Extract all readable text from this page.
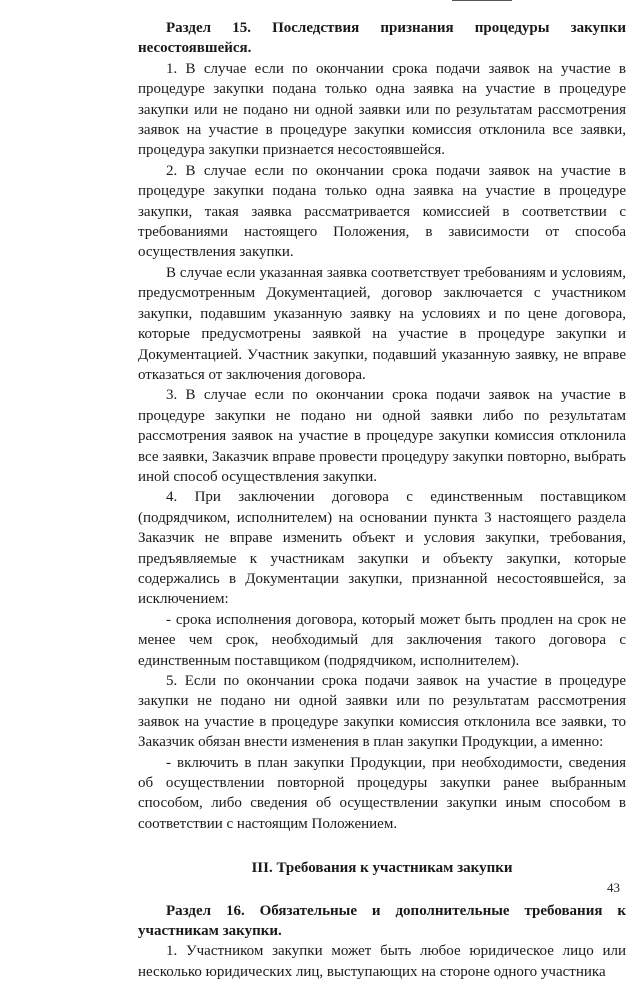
Раздел 15. Последствия признания процедуры закупки несостоявшейся.

1. В случае если по окончании срока подачи заявок на участие в процедуре закупки подана только одна заявка на участие в процедуре закупки или не подано ни одной заявки или по результатам рассмотрения заявок на участие в процедуре закупки комиссия отклонила все заявки, процедура закупки признается несостоявшейся.

2. В случае если по окончании срока подачи заявок на участие в процедуре закупки подана только одна заявка на участие в процедуре закупки, такая заявка рассматривается комиссией в соответствии с требованиями настоящего Положения, в зависимости от способа осуществления закупки.

В случае если указанная заявка соответствует требованиям и условиям, предусмотренным Документацией, договор заключается с участником закупки, подавшим указанную заявку на условиях и по цене договора, которые предусмотрены заявкой на участие в процедуре закупки и Документацией. Участник закупки, подавший указанную заявку, не вправе отказаться от заключения договора.

3. В случае если по окончании срока подачи заявок на участие в процедуре закупки не подано ни одной заявки либо по результатам рассмотрения заявок на участие в процедуре закупки комиссия отклонила все заявки, Заказчик вправе провести процедуру закупки повторно, выбрать иной способ осуществления закупки.

4. При заключении договора с единственным поставщиком (подрядчиком, исполнителем) на основании пункта 3 настоящего раздела Заказчик не вправе изменить объект и условия закупки, требования, предъявляемые к участникам закупки и объекту закупки, которые содержались в Документации закупки, признанной несостоявшейся, за исключением:

- срока исполнения договора, который может быть продлен на срок не менее чем срок, необходимый для заключения такого договора с единственным поставщиком (подрядчиком, исполнителем).

5. Если по окончании срока подачи заявок на участие в процедуре закупки не подано ни одной заявки или по результатам рассмотрения заявок на участие в процедуре закупки комиссия отклонила все заявки, то Заказчик обязан внести изменения в план закупки Продукции, а именно:

- включить в план закупки Продукции, при необходимости, сведения об осуществлении повторной процедуры закупки ранее выбранным способом, либо сведения об осуществлении закупки иным способом в соответствии с настоящим Положением.

III. Требования к участникам закупки

Раздел 16. Обязательные и дополнительные требования к участникам закупки.

1. Участником закупки может быть любое юридическое лицо или несколько юридических лиц, выступающих на стороне одного участника

43
